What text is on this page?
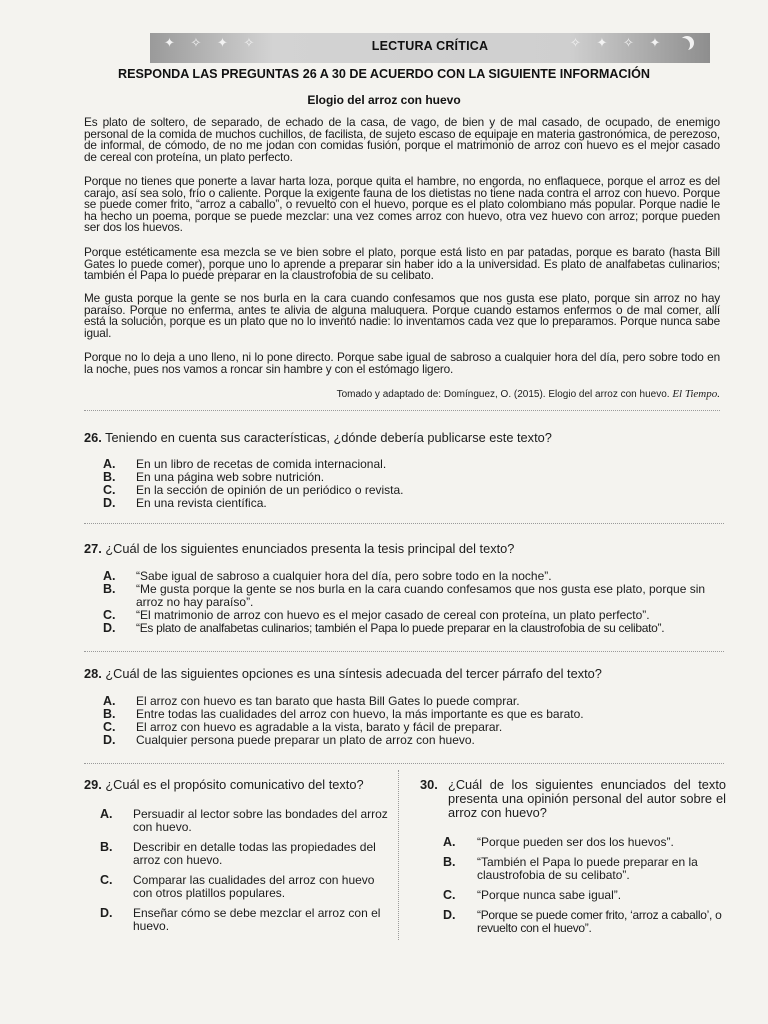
✦ ✧ ✦ ✧	✧ ✦ ✧ ✦
LECTURA CRÍTICA
RESPONDA LAS PREGUNTAS 26 A 30 DE ACUERDO CON LA SIGUIENTE INFORMACIÓN
Elogio del arroz con huevo

Es plato de soltero, de separado, de echado de la casa, de vago, de bien y de mal casado, de ocupado, de enemigo personal de la comida de muchos cuchillos, de facilista, de sujeto escaso de equipaje en materia gastronómica, de perezoso, de informal, de cómodo, de no me jodan con comidas fusión, porque el matrimonio de arroz con huevo es el mejor casado de cereal con proteína, un plato perfecto.

Porque no tienes que ponerte a lavar harta loza, porque quita el hambre, no engorda, no enflaquece, porque el arroz es del carajo, así sea solo, frío o caliente. Porque la exigente fauna de los dietistas no tiene nada contra el arroz con huevo. Porque se puede comer frito, “arroz a caballo”, o revuelto con el huevo, porque es el plato colombiano más popular. Porque nadie le ha hecho un poema, porque se puede mezclar: una vez comes arroz con huevo, otra vez huevo con arroz; porque pueden ser dos los huevos.

Porque estéticamente esa mezcla se ve bien sobre el plato, porque está listo en par patadas, porque es barato (hasta Bill Gates lo puede comer), porque uno lo aprende a preparar sin haber ido a la universidad. Es plato de analfabetas culinarios; también el Papa lo puede preparar en la claustrofobia de su celibato.

Me gusta porque la gente se nos burla en la cara cuando confesamos que nos gusta ese plato, porque sin arroz no hay paraíso. Porque no enferma, antes te alivia de alguna maluquera. Porque cuando estamos enfermos o de mal comer, allí está la solución, porque es un plato que no lo inventó nadie: lo inventamos cada vez que lo preparamos. Porque nunca sabe igual.

Porque no lo deja a uno lleno, ni lo pone directo. Porque sabe igual de sabroso a cualquier hora del día, pero sobre todo en la noche, pues nos vamos a roncar sin hambre y con el estómago ligero.

Tomado y adaptado de: Domínguez, O. (2015). Elogio del arroz con huevo. El Tiempo.

26. Teniendo en cuenta sus características, ¿dónde debería publicarse este texto?

A. En un libro de recetas de comida internacional.
B. En una página web sobre nutrición.
C. En la sección de opinión de un periódico o revista.
D. En una revista científica.

27. ¿Cuál de los siguientes enunciados presenta la tesis principal del texto?

A. “Sabe igual de sabroso a cualquier hora del día, pero sobre todo en la noche”.
B. “Me gusta porque la gente se nos burla en la cara cuando confesamos que nos gusta ese plato, porque sin arroz no hay paraíso”.
C. “El matrimonio de arroz con huevo es el mejor casado de cereal con proteína, un plato perfecto”.
D. “Es plato de analfabetas culinarios; también el Papa lo puede preparar en la claustrofobia de su celibato”.

28. ¿Cuál de las siguientes opciones es una síntesis adecuada del tercer párrafo del texto?

A. El arroz con huevo es tan barato que hasta Bill Gates lo puede comprar.
B. Entre todas las cualidades del arroz con huevo, la más importante es que es barato.
C. El arroz con huevo es agradable a la vista, barato y fácil de preparar.
D. Cualquier persona puede preparar un plato de arroz con huevo.

29. ¿Cuál es el propósito comunicativo del texto?

A. Persuadir al lector sobre las bondades del arroz con huevo.
B. Describir en detalle todas las propiedades del arroz con huevo.
C. Comparar las cualidades del arroz con huevo con otros platillos populares.
D. Enseñar cómo se debe mezclar el arroz con el huevo.
30. ¿Cuál de los siguientes enunciados del texto presenta una opinión personal del autor sobre el arroz con huevo?
A. “Porque pueden ser dos los huevos”.
B. “También el Papa lo puede preparar en la claustrofobia de su celibato”.
C. “Porque nunca sabe igual”.
D. “Porque se puede comer frito, ‘arroz a caballo’, o revuelto con el huevo”.
